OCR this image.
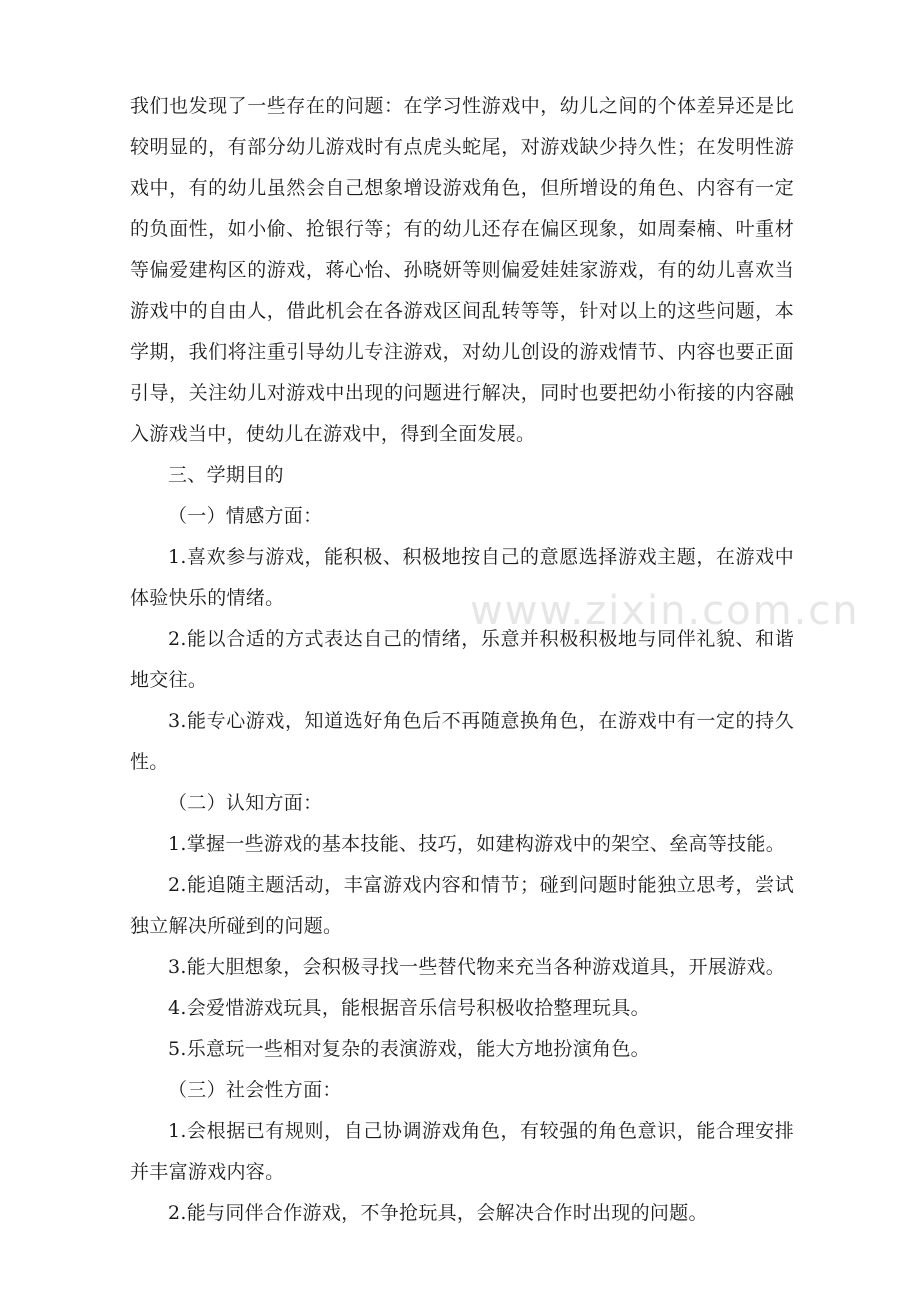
www.zixin.com.cn

我们也发现了一些存在的问题：在学习性游戏中，幼儿之间的个体差异还是比较明显的，有部分幼儿游戏时有点虎头蛇尾，对游戏缺少持久性；在发明性游戏中，有的幼儿虽然会自己想象增设游戏角色，但所增设的角色、内容有一定的负面性，如小偷、抢银行等；有的幼儿还存在偏区现象，如周秦楠、叶重材等偏爱建构区的游戏，蒋心怡、孙晓妍等则偏爱娃娃家游戏，有的幼儿喜欢当游戏中的自由人，借此机会在各游戏区间乱转等等，针对以上的这些问题，本学期，我们将注重引导幼儿专注游戏，对幼儿创设的游戏情节、内容也要正面引导，关注幼儿对游戏中出现的问题进行解决，同时也要把幼小衔接的内容融入游戏当中，使幼儿在游戏中，得到全面发展。

三、学期目的

（一）情感方面：

1.喜欢参与游戏，能积极、积极地按自己的意愿选择游戏主题，在游戏中体验快乐的情绪。

2.能以合适的方式表达自己的情绪，乐意并积极积极地与同伴礼貌、和谐地交往。

3.能专心游戏，知道选好角色后不再随意换角色，在游戏中有一定的持久性。

（二）认知方面：

1.掌握一些游戏的基本技能、技巧，如建构游戏中的架空、垒高等技能。

2.能追随主题活动，丰富游戏内容和情节；碰到问题时能独立思考，尝试独立解决所碰到的问题。

3.能大胆想象，会积极寻找一些替代物来充当各种游戏道具，开展游戏。

4.会爱惜游戏玩具，能根据音乐信号积极收拾整理玩具。

5.乐意玩一些相对复杂的表演游戏，能大方地扮演角色。

（三）社会性方面：

1.会根据已有规则，自己协调游戏角色，有较强的角色意识，能合理安排并丰富游戏内容。

2.能与同伴合作游戏，不争抢玩具，会解决合作时出现的问题。
